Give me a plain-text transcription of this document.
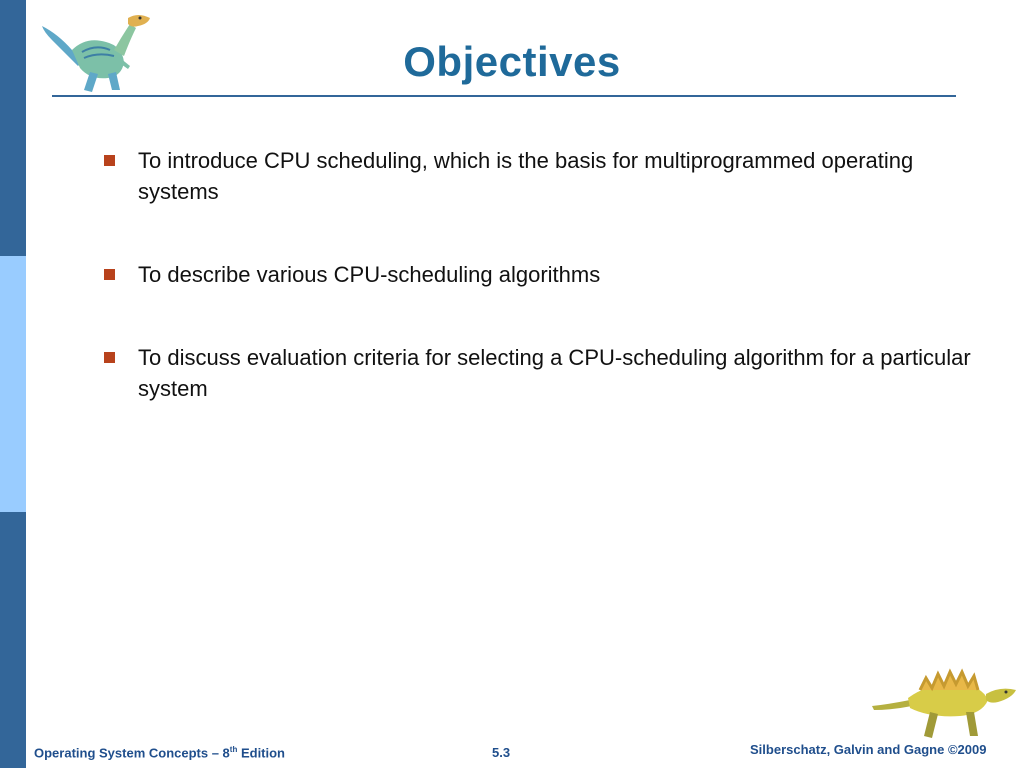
Objectives
To introduce CPU scheduling, which is the basis for multiprogrammed operating systems
To describe various CPU-scheduling algorithms
To discuss evaluation criteria for selecting a CPU-scheduling algorithm for a particular system
Operating System Concepts – 8th Edition	5.3	Silberschatz, Galvin and Gagne ©2009
